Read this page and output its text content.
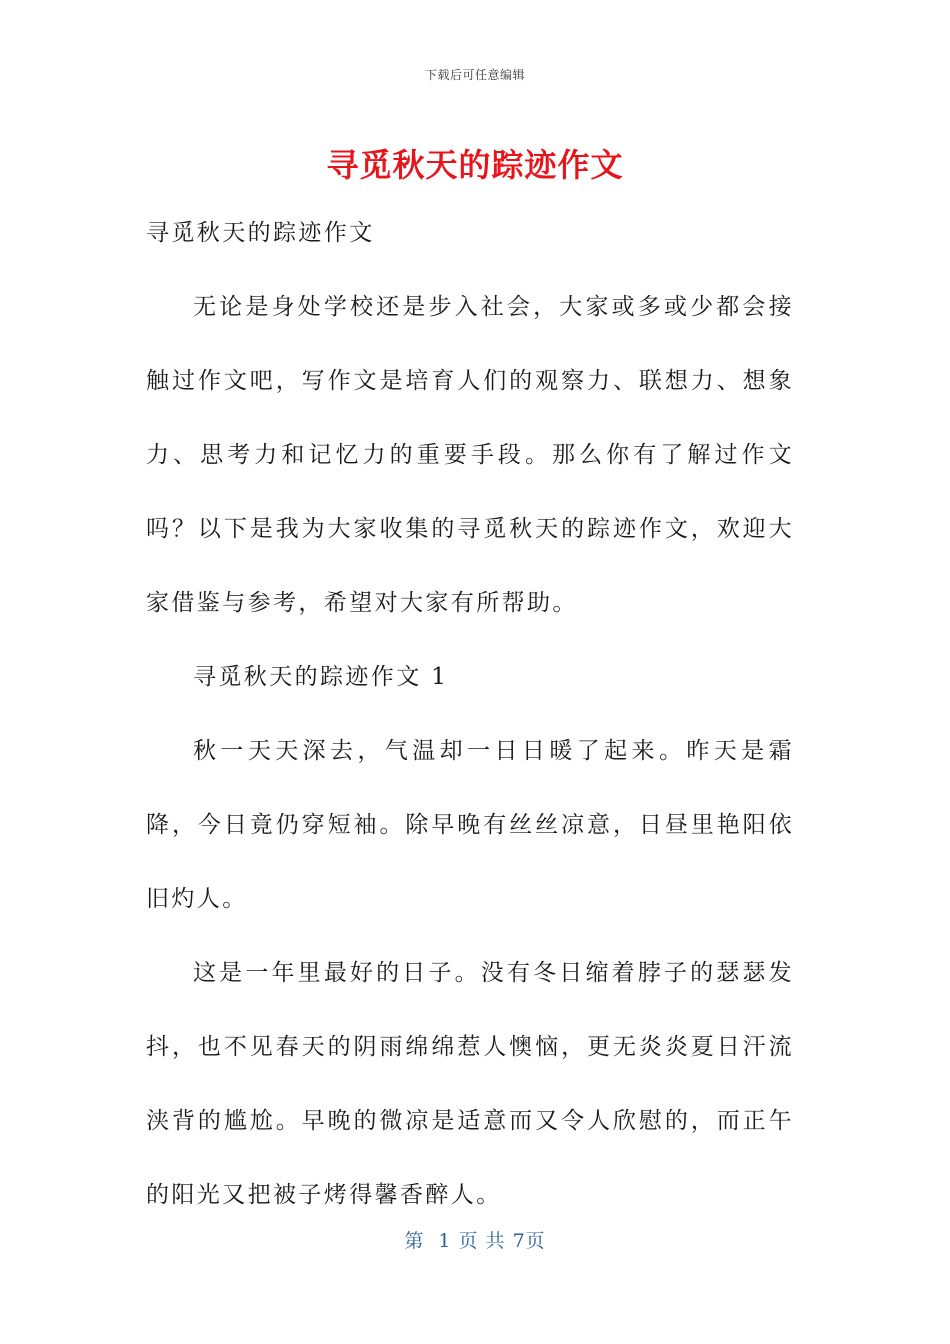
下载后可任意编辑
寻觅秋天的踪迹作文

寻觅秋天的踪迹作文

无论是身处学校还是步入社会，大家或多或少都会接触过作文吧，写作文是培育人们的观察力、联想力、想象力、思考力和记忆力的重要手段。那么你有了解过作文吗？以下是我为大家收集的寻觅秋天的踪迹作文，欢迎大家借鉴与参考，希望对大家有所帮助。

寻觅秋天的踪迹作文 1

秋一天天深去，气温却一日日暖了起来。昨天是霜降，今日竟仍穿短袖。除早晚有丝丝凉意，日昼里艳阳依旧灼人。

这是一年里最好的日子。没有冬日缩着脖子的瑟瑟发抖，也不见春天的阴雨绵绵惹人懊恼，更无炎炎夏日汗流浃背的尴尬。早晚的微凉是适意而又令人欣慰的，而正午的阳光又把被子烤得馨香醉人。

第  1 页 共 7页
